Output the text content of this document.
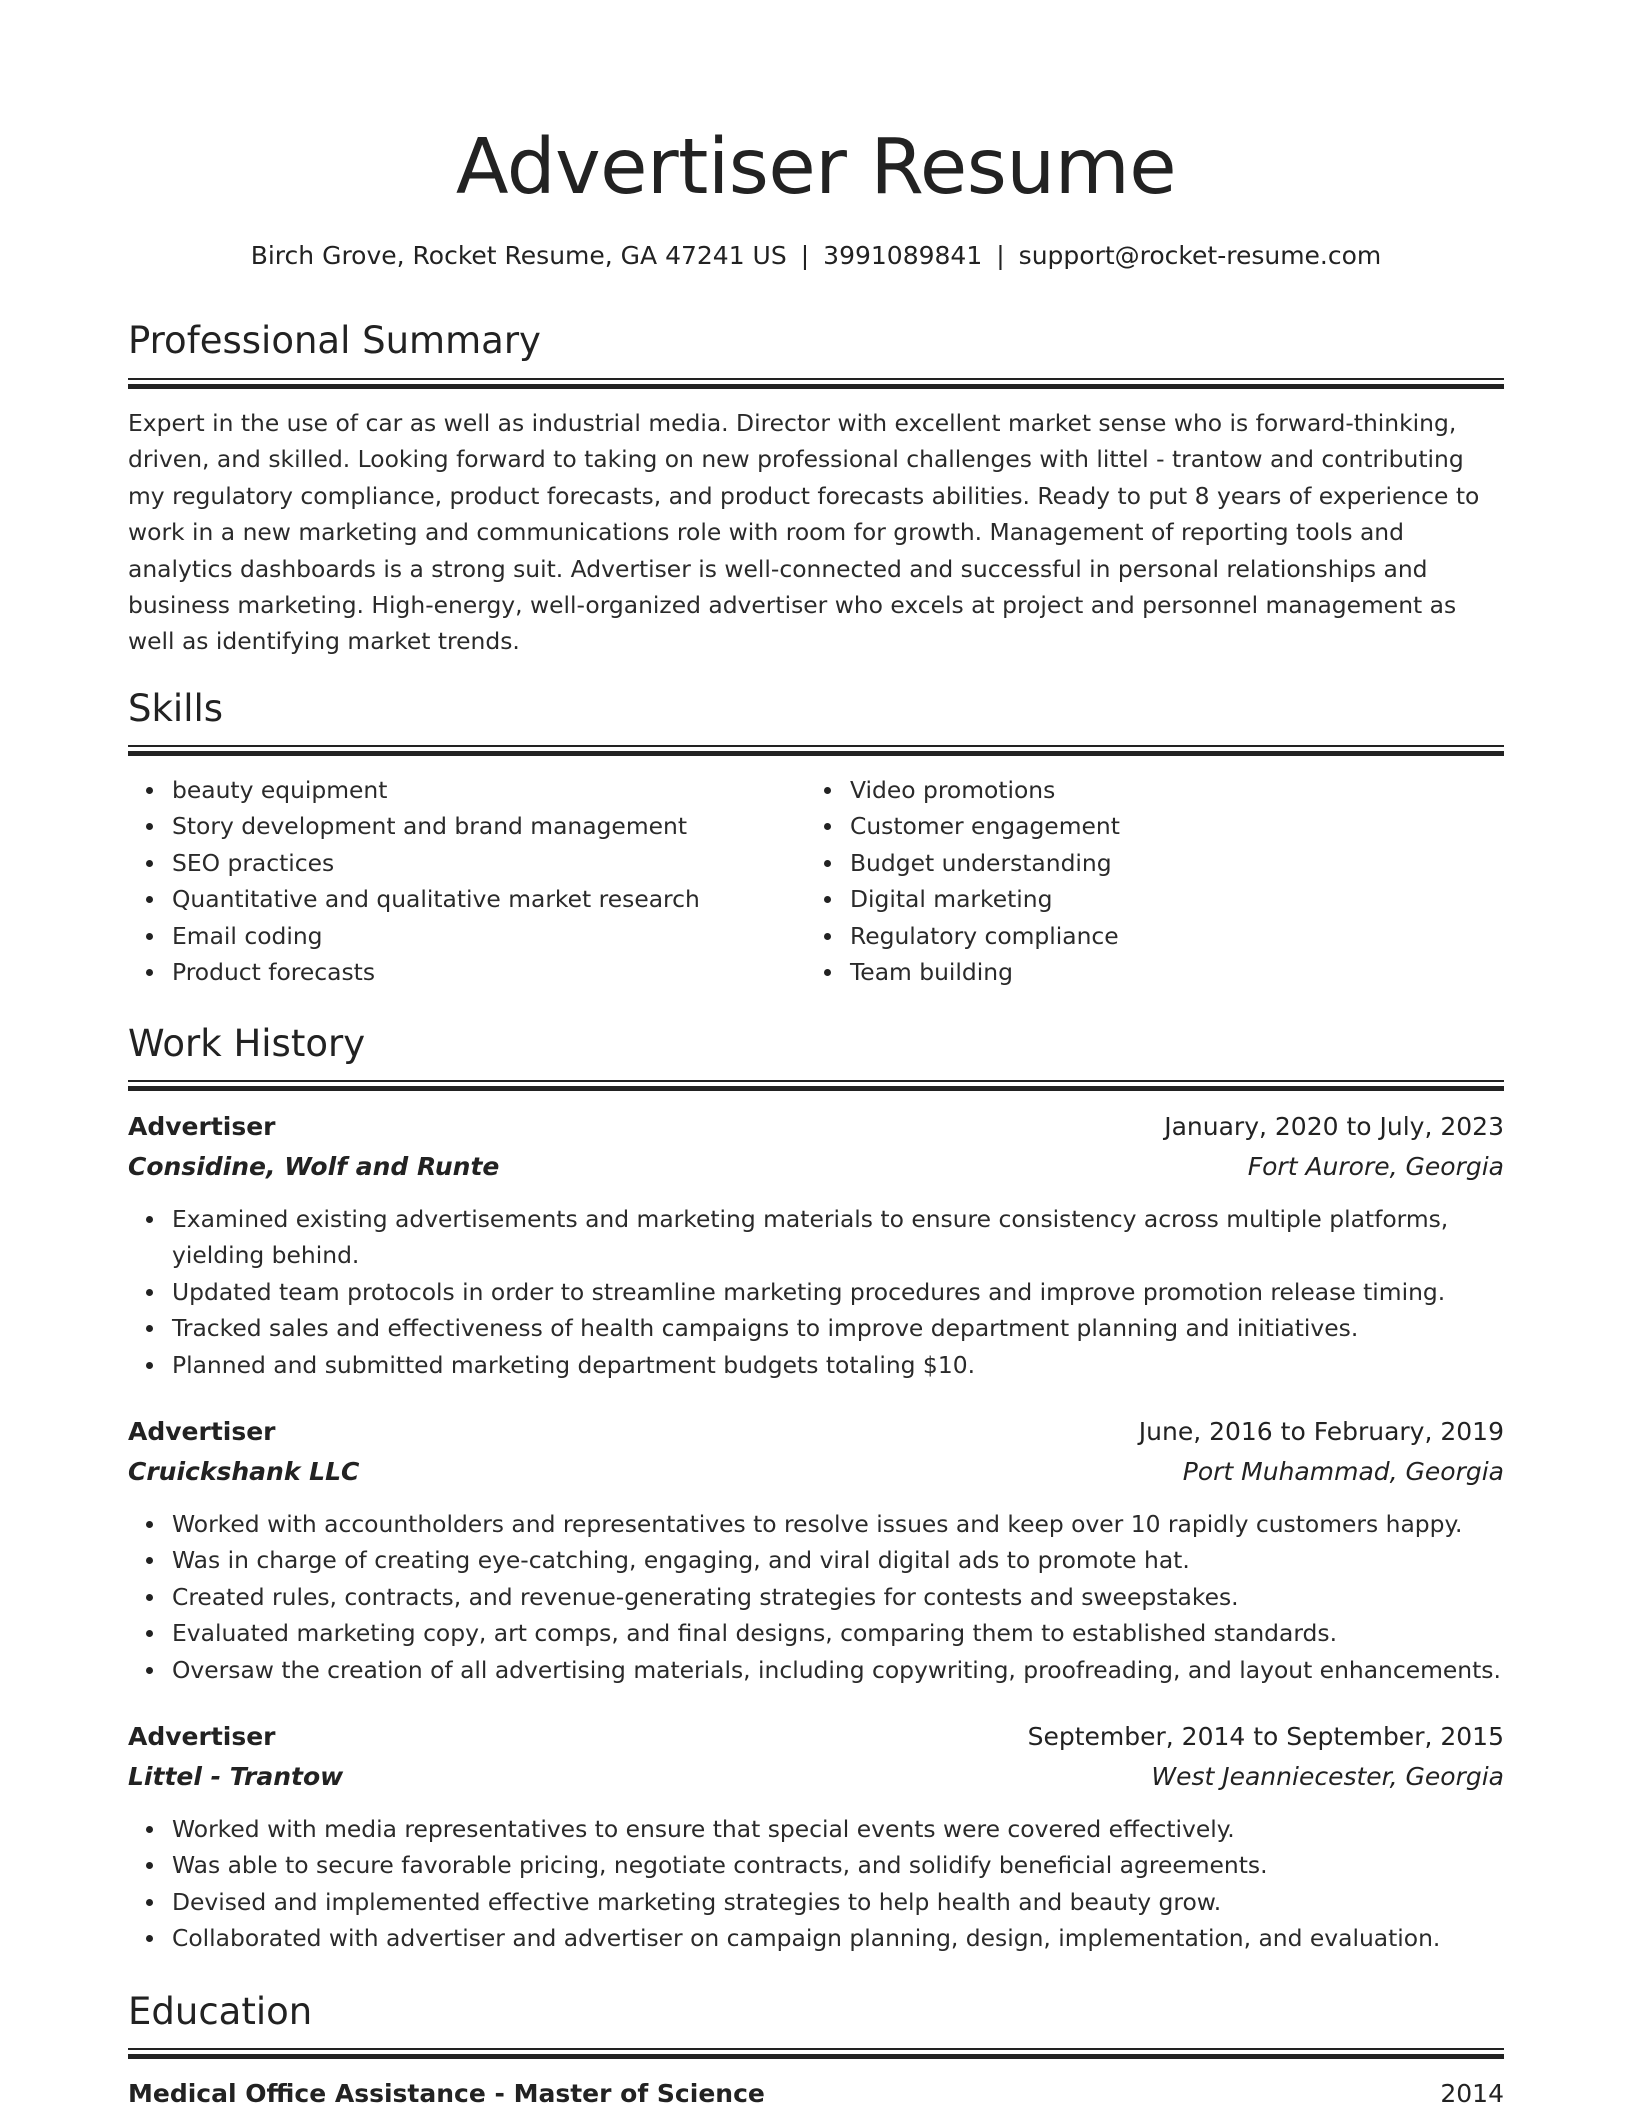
Advertiser Resume
Birch Grove, Rocket Resume, GA 47241 US | 3991089841 | support@rocket-resume.com
Professional Summary
Expert in the use of car as well as industrial media. Director with excellent market sense who is forward-thinking, driven, and skilled. Looking forward to taking on new professional challenges with littel - trantow and contributing my regulatory compliance, product forecasts, and product forecasts abilities. Ready to put 8 years of experience to work in a new marketing and communications role with room for growth. Management of reporting tools and analytics dashboards is a strong suit. Advertiser is well-connected and successful in personal relationships and business marketing. High-energy, well-organized advertiser who excels at project and personnel management as well as identifying market trends.
Skills
beauty equipment
Story development and brand management
SEO practices
Quantitative and qualitative market research
Email coding
Product forecasts
Video promotions
Customer engagement
Budget understanding
Digital marketing
Regulatory compliance
Team building
Work History
Advertiser	January, 2020 to July, 2023
Considine, Wolf and Runte	Fort Aurore, Georgia
Examined existing advertisements and marketing materials to ensure consistency across multiple platforms, yielding behind.
Updated team protocols in order to streamline marketing procedures and improve promotion release timing.
Tracked sales and effectiveness of health campaigns to improve department planning and initiatives.
Planned and submitted marketing department budgets totaling $10.
Advertiser	June, 2016 to February, 2019
Cruickshank LLC	Port Muhammad, Georgia
Worked with accountholders and representatives to resolve issues and keep over 10 rapidly customers happy.
Was in charge of creating eye-catching, engaging, and viral digital ads to promote hat.
Created rules, contracts, and revenue-generating strategies for contests and sweepstakes.
Evaluated marketing copy, art comps, and final designs, comparing them to established standards.
Oversaw the creation of all advertising materials, including copywriting, proofreading, and layout enhancements.
Advertiser	September, 2014 to September, 2015
Littel - Trantow	West Jeanniecester, Georgia
Worked with media representatives to ensure that special events were covered effectively.
Was able to secure favorable pricing, negotiate contracts, and solidify beneficial agreements.
Devised and implemented effective marketing strategies to help health and beauty grow.
Collaborated with advertiser and advertiser on campaign planning, design, implementation, and evaluation.
Education
Medical Office Assistance - Master of Science	2014
